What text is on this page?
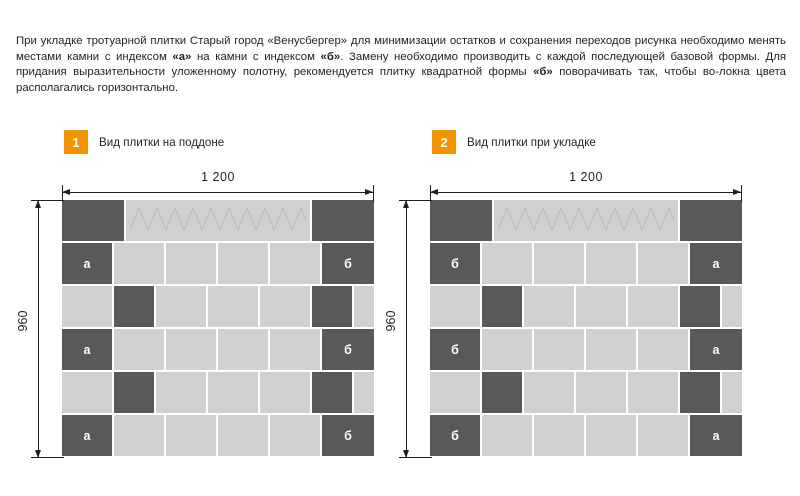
При укладке тротуарной плитки Старый город «Венусбергер» для минимизации остатков и сохранения переходов рисунка необходимо менять местами камни с индексом «а» на камни с индексом «б». Замену необходимо производить с каждой последующей базовой формы. Для придания выразительности уложенному полотну, рекомендуется плитку квадратной формы «б» поворачивать так, чтобы во-локна цвета располагались горизонтально.
1	Вид плитки на поддоне	2	Вид плитки при укладке
1 200
960
а	б
а	б
а	б
1 200
960
б	а
б	а
б	а
